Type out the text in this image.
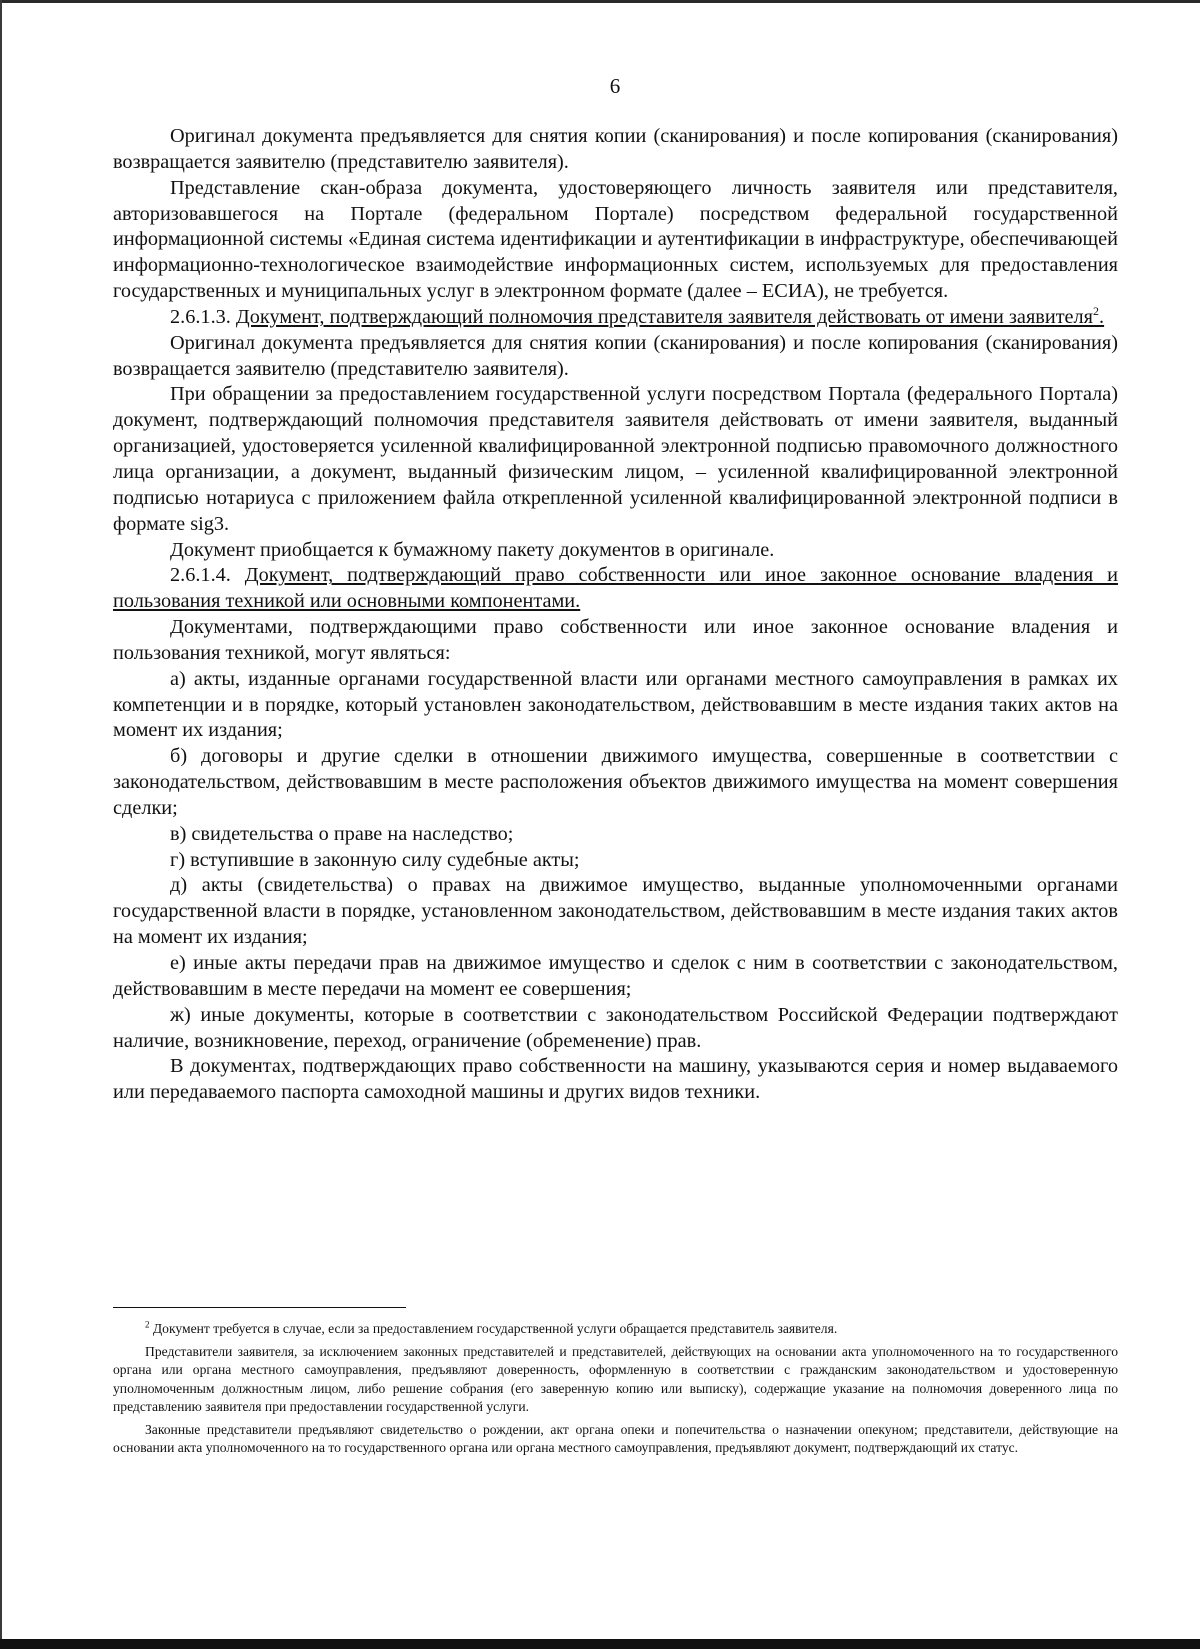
6

Оригинал документа предъявляется для снятия копии (сканирования) и после копирования (сканирования) возвращается заявителю (представителю заявителя).

Представление скан-образа документа, удостоверяющего личность заявителя или представителя, авторизовавшегося на Портале (федеральном Портале) посредством федеральной государственной информационной системы «Единая система идентификации и аутентификации в инфраструктуре, обеспечивающей информационно-технологическое взаимодействие информационных систем, используемых для предоставления государственных и муниципальных услуг в электронном формате (далее – ЕСИА), не требуется.

2.6.1.3. Документ, подтверждающий полномочия представителя заявителя действовать от имени заявителя$^2$.

Оригинал документа предъявляется для снятия копии (сканирования) и после копирования (сканирования) возвращается заявителю (представителю заявителя).

При обращении за предоставлением государственной услуги посредством Портала (федерального Портала) документ, подтверждающий полномочия представителя заявителя действовать от имени заявителя, выданный организацией, удостоверяется усиленной квалифицированной электронной подписью правомочного должностного лица организации, а документ, выданный физическим лицом, – усиленной квалифицированной электронной подписью нотариуса с приложением файла открепленной усиленной квалифицированной электронной подписи в формате sig3.

Документ приобщается к бумажному пакету документов в оригинале.

2.6.1.4. Документ, подтверждающий право собственности или иное законное основание владения и пользования техникой или основными компонентами.

Документами, подтверждающими право собственности или иное законное основание владения и пользования техникой, могут являться:

а) акты, изданные органами государственной власти или органами местного самоуправления в рамках их компетенции и в порядке, который установлен законодательством, действовавшим в месте издания таких актов на момент их издания;

б) договоры и другие сделки в отношении движимого имущества, совершенные в соответствии с законодательством, действовавшим в месте расположения объектов движимого имущества на момент совершения сделки;

в) свидетельства о праве на наследство;

г) вступившие в законную силу судебные акты;

д) акты (свидетельства) о правах на движимое имущество, выданные уполномоченными органами государственной власти в порядке, установленном законодательством, действовавшим в месте издания таких актов на момент их издания;

е) иные акты передачи прав на движимое имущество и сделок с ним в соответствии с законодательством, действовавшим в месте передачи на момент ее совершения;

ж) иные документы, которые в соответствии с законодательством Российской Федерации подтверждают наличие, возникновение, переход, ограничение (обременение) прав.

В документах, подтверждающих право собственности на машину, указываются серия и номер выдаваемого или передаваемого паспорта самоходной машины и других видов техники.

$^2$ Документ требуется в случае, если за предоставлением государственной услуги обращается представитель заявителя.

Представители заявителя, за исключением законных представителей и представителей, действующих на основании акта уполномоченного на то государственного органа или органа местного самоуправления, предъявляют доверенность, оформленную в соответствии с гражданским законодательством и удостоверенную уполномоченным должностным лицом, либо решение собрания (его заверенную копию или выписку), содержащие указание на полномочия доверенного лица по представлению заявителя при предоставлении государственной услуги.

Законные представители предъявляют свидетельство о рождении, акт органа опеки и попечительства о назначении опекуном; представители, действующие на основании акта уполномоченного на то государственного органа или органа местного самоуправления, предъявляют документ, подтверждающий их статус.
